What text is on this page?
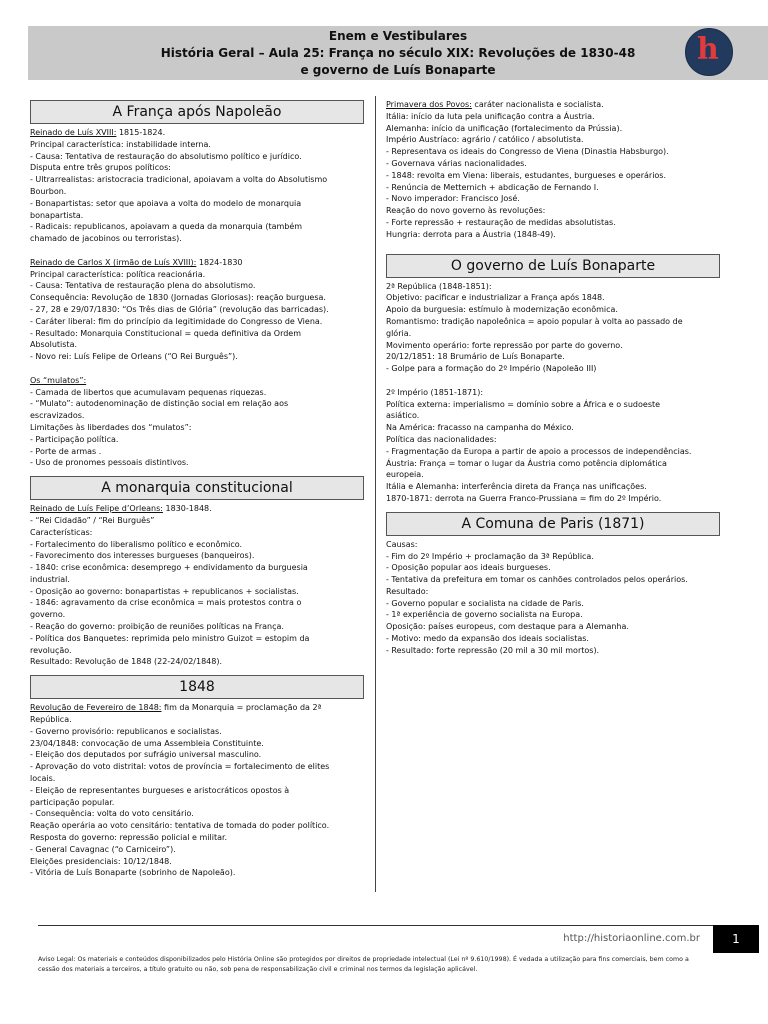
Enem e Vestibulares
História Geral – Aula 25: França no século XIX: Revoluções de 1830-48
e governo de Luís Bonaparte
h
A França após Napoleão
Reinado de Luís XVIII: 1815-1824.
Principal característica: instabilidade interna.
- Causa: Tentativa de restauração do absolutismo político e jurídico.
Disputa entre três grupos políticos:
- Ultrarrealistas: aristocracia tradicional, apoiavam a volta do Absolutismo
Bourbon.
- Bonapartistas: setor que apoiava a volta do modelo de monarquia
bonapartista.
- Radicais: republicanos, apoiavam a queda da monarquia (também
chamado de jacobinos ou terroristas).
Reinado de Carlos X (irmão de Luís XVIII): 1824-1830
Principal característica: política reacionária.
- Causa: Tentativa de restauração plena do absolutismo.
Consequência: Revolução de 1830 (Jornadas Gloriosas): reação burguesa.
- 27, 28 e 29/07/1830: “Os Três dias de Glória” (revolução das barricadas).
- Caráter liberal: fim do princípio da legitimidade do Congresso de Viena.
- Resultado: Monarquia Constitucional = queda definitiva da Ordem
Absolutista.
- Novo rei: Luís Felipe de Orleans (“O Rei Burguês”).
Os “mulatos”:
- Camada de libertos que acumulavam pequenas riquezas.
- “Mulato”: autodenominação de distinção social em relação aos
escravizados.
Limitações às liberdades dos “mulatos”:
- Participação política.
- Porte de armas .
- Uso de pronomes pessoais distintivos.
A monarquia constitucional
Reinado de Luís Felipe d’Orleans: 1830-1848.
- “Rei Cidadão” / “Rei Burguês”
Características:
- Fortalecimento do liberalismo político e econômico.
- Favorecimento dos interesses burgueses (banqueiros).
- 1840: crise econômica: desemprego + endividamento da burguesia
industrial.
- Oposição ao governo: bonapartistas + republicanos + socialistas.
- 1846: agravamento da crise econômica = mais protestos contra o
governo.
- Reação do governo: proibição de reuniões políticas na França.
- Política dos Banquetes: reprimida pelo ministro Guizot = estopim da
revolução.
Resultado: Revolução de 1848 (22-24/02/1848).
1848
Revolução de Fevereiro de 1848: fim da Monarquia = proclamação da 2ª
República.
- Governo provisório: republicanos e socialistas.
23/04/1848: convocação de uma Assembleia Constituinte.
- Eleição dos deputados por sufrágio universal masculino.
- Aprovação do voto distrital: votos de província = fortalecimento de elites
locais.
- Eleição de representantes burgueses e aristocráticos opostos à
participação popular.
- Consequência: volta do voto censitário.
Reação operária ao voto censitário: tentativa de tomada do poder político.
Resposta do governo: repressão policial e militar.
- General Cavagnac (“o Carniceiro”).
Eleições presidenciais: 10/12/1848.
- Vitória de Luís Bonaparte (sobrinho de Napoleão).
Primavera dos Povos: caráter nacionalista e socialista.
Itália: início da luta pela unificação contra a Áustria.
Alemanha: início da unificação (fortalecimento da Prússia).
Império Austríaco: agrário / católico / absolutista.
- Representava os ideais do Congresso de Viena (Dinastia Habsburgo).
- Governava várias nacionalidades.
- 1848: revolta em Viena: liberais, estudantes, burgueses e operários.
- Renúncia de Metternich + abdicação de Fernando I.
- Novo imperador: Francisco José.
Reação do novo governo às revoluções:
- Forte repressão + restauração de medidas absolutistas.
Hungria: derrota para a Áustria (1848-49).
O governo de Luís Bonaparte
2ª República (1848-1851):
Objetivo: pacificar e industrializar a França após 1848.
Apoio da burguesia: estímulo à modernização econômica.
Romantismo: tradição napoleônica = apoio popular à volta ao passado de
glória.
Movimento operário: forte repressão por parte do governo.
20/12/1851: 18 Brumário de Luís Bonaparte.
- Golpe para a formação do 2º Império (Napoleão III)
2º Império (1851-1871):
Política externa: imperialismo = domínio sobre a África e o sudoeste
asiático.
Na América: fracasso na campanha do México.
Política das nacionalidades:
- Fragmentação da Europa a partir de apoio a processos de independências.
Áustria: França = tomar o lugar da Áustria como potência diplomática
europeia.
Itália e Alemanha: interferência direta da França nas unificações.
1870-1871: derrota na Guerra Franco-Prussiana = fim do 2º Império.
A Comuna de Paris (1871)
Causas:
- Fim do 2º Império + proclamação da 3ª República.
- Oposição popular aos ideais burgueses.
- Tentativa da prefeitura em tomar os canhões controlados pelos operários.
Resultado:
- Governo popular e socialista na cidade de Paris.
- 1ª experiência de governo socialista na Europa.
Oposição: países europeus, com destaque para a Alemanha.
- Motivo: medo da expansão dos ideais socialistas.
- Resultado: forte repressão (20 mil a 30 mil mortos).
http://historiaonline.com.br	1
Aviso Legal: Os materiais e conteúdos disponibilizados pelo História Online são protegidos por direitos de propriedade intelectual (Lei nº 9.610/1998). É vedada a utilização para fins comerciais, bem como a cessão dos materiais a terceiros, a título gratuito ou não, sob pena de responsabilização civil e criminal nos termos da legislação aplicável.
